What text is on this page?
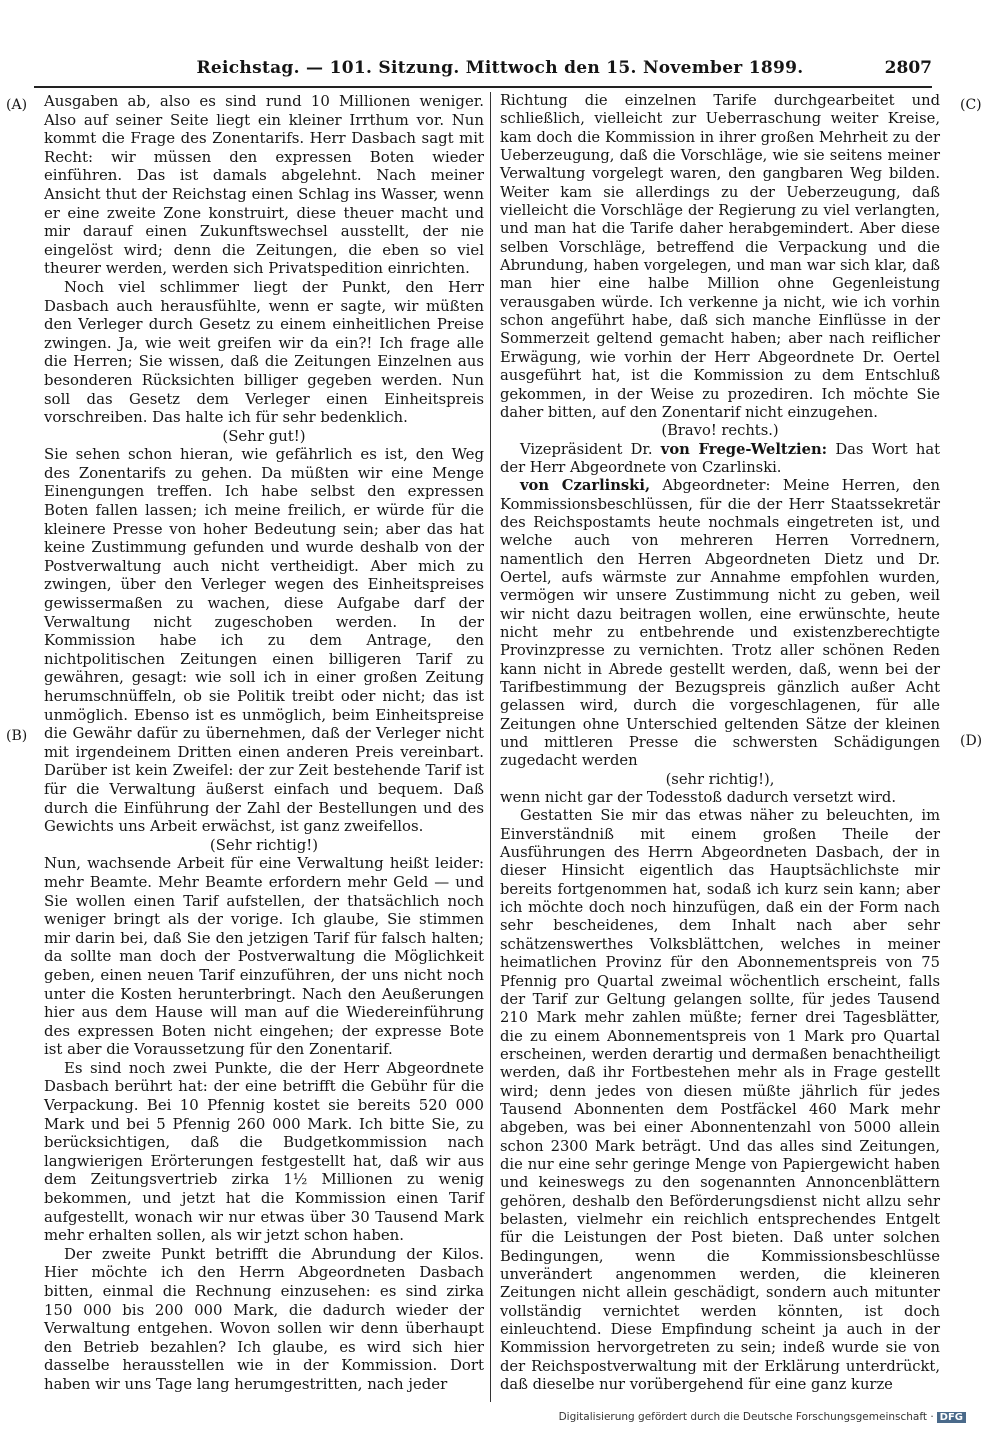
Reichstag. — 101. Sitzung. Mittwoch den 15. November 1899.	2807
(A)
(B)
(C)
(D)

Ausgaben ab, also es sind rund 10 Millionen weniger. Also auf seiner Seite liegt ein kleiner Irrthum vor. Nun kommt die Frage des Zonentarifs. Herr Dasbach sagt mit Recht: wir müssen den expressen Boten wieder einführen. Das ist damals abgelehnt. Nach meiner Ansicht thut der Reichstag einen Schlag ins Wasser, wenn er eine zweite Zone konstruirt, diese theuer macht und mir darauf einen Zukunftswechsel ausstellt, der nie eingelöst wird; denn die Zeitungen, die eben so viel theurer werden, werden sich Privatspedition einrichten.

Noch viel schlimmer liegt der Punkt, den Herr Dasbach auch herausfühlte, wenn er sagte, wir müßten den Verleger durch Gesetz zu einem einheitlichen Preise zwingen. Ja, wie weit greifen wir da ein?! Ich frage alle die Herren; Sie wissen, daß die Zeitungen Einzelnen aus besonderen Rücksichten billiger gegeben werden. Nun soll das Gesetz dem Verleger einen Einheitspreis vorschreiben. Das halte ich für sehr bedenklich.

(Sehr gut!)

Sie sehen schon hieran, wie gefährlich es ist, den Weg des Zonentarifs zu gehen. Da müßten wir eine Menge Einengungen treffen. Ich habe selbst den expressen Boten fallen lassen; ich meine freilich, er würde für die kleinere Presse von hoher Bedeutung sein; aber das hat keine Zustimmung gefunden und wurde deshalb von der Postverwaltung auch nicht vertheidigt. Aber mich zu zwingen, über den Verleger wegen des Einheitspreises gewissermaßen zu wachen, diese Aufgabe darf der Verwaltung nicht zugeschoben werden. In der Kommission habe ich zu dem Antrage, den nichtpolitischen Zeitungen einen billigeren Tarif zu gewähren, gesagt: wie soll ich in einer großen Zeitung herumschnüffeln, ob sie Politik treibt oder nicht; das ist unmöglich. Ebenso ist es unmöglich, beim Einheitspreise die Gewähr dafür zu übernehmen, daß der Verleger nicht mit irgendeinem Dritten einen anderen Preis vereinbart. Darüber ist kein Zweifel: der zur Zeit bestehende Tarif ist für die Verwaltung äußerst einfach und bequem. Daß durch die Einführung der Zahl der Bestellungen und des Gewichts uns Arbeit erwächst, ist ganz zweifellos.

(Sehr richtig!)

Nun, wachsende Arbeit für eine Verwaltung heißt leider: mehr Beamte. Mehr Beamte erfordern mehr Geld — und Sie wollen einen Tarif aufstellen, der thatsächlich noch weniger bringt als der vorige. Ich glaube, Sie stimmen mir darin bei, daß Sie den jetzigen Tarif für falsch halten; da sollte man doch der Postverwaltung die Möglichkeit geben, einen neuen Tarif einzuführen, der uns nicht noch unter die Kosten herunterbringt. Nach den Aeußerungen hier aus dem Hause will man auf die Wiedereinführung des expressen Boten nicht eingehen; der expresse Bote ist aber die Voraussetzung für den Zonentarif.

Es sind noch zwei Punkte, die der Herr Abgeordnete Dasbach berührt hat: der eine betrifft die Gebühr für die Verpackung. Bei 10 Pfennig kostet sie bereits 520 000 Mark und bei 5 Pfennig 260 000 Mark. Ich bitte Sie, zu berücksichtigen, daß die Budgetkommission nach langwierigen Erörterungen festgestellt hat, daß wir aus dem Zeitungsvertrieb zirka 1½ Millionen zu wenig bekommen, und jetzt hat die Kommission einen Tarif aufgestellt, wonach wir nur etwas über 30 Tausend Mark mehr erhalten sollen, als wir jetzt schon haben.

Der zweite Punkt betrifft die Abrundung der Kilos. Hier möchte ich den Herrn Abgeordneten Dasbach bitten, einmal die Rechnung einzusehen: es sind zirka 150 000 bis 200 000 Mark, die dadurch wieder der Verwaltung entgehen. Wovon sollen wir denn überhaupt den Betrieb bezahlen? Ich glaube, es wird sich hier dasselbe herausstellen wie in der Kommission. Dort haben wir uns Tage lang herumgestritten, nach jeder

Richtung die einzelnen Tarife durchgearbeitet und schließlich, vielleicht zur Ueberraschung weiter Kreise, kam doch die Kommission in ihrer großen Mehrheit zu der Ueberzeugung, daß die Vorschläge, wie sie seitens meiner Verwaltung vorgelegt waren, den gangbaren Weg bilden. Weiter kam sie allerdings zu der Ueberzeugung, daß vielleicht die Vorschläge der Regierung zu viel verlangten, und man hat die Tarife daher herabgemindert. Aber diese selben Vorschläge, betreffend die Verpackung und die Abrundung, haben vorgelegen, und man war sich klar, daß man hier eine halbe Million ohne Gegenleistung verausgaben würde. Ich verkenne ja nicht, wie ich vorhin schon angeführt habe, daß sich manche Einflüsse in der Sommerzeit geltend gemacht haben; aber nach reiflicher Erwägung, wie vorhin der Herr Abgeordnete Dr. Oertel ausgeführt hat, ist die Kommission zu dem Entschluß gekommen, in der Weise zu prozediren. Ich möchte Sie daher bitten, auf den Zonentarif nicht einzugehen.

(Bravo! rechts.)

Vizepräsident Dr. von Frege-Weltzien: Das Wort hat der Herr Abgeordnete von Czarlinski.

von Czarlinski, Abgeordneter: Meine Herren, den Kommissionsbeschlüssen, für die der Herr Staatssekretär des Reichspostamts heute nochmals eingetreten ist, und welche auch von mehreren Herren Vorrednern, namentlich den Herren Abgeordneten Dietz und Dr. Oertel, aufs wärmste zur Annahme empfohlen wurden, vermögen wir unsere Zustimmung nicht zu geben, weil wir nicht dazu beitragen wollen, eine erwünschte, heute nicht mehr zu entbehrende und existenzberechtigte Provinzpresse zu vernichten. Trotz aller schönen Reden kann nicht in Abrede gestellt werden, daß, wenn bei der Tarifbestimmung der Bezugspreis gänzlich außer Acht gelassen wird, durch die vorgeschlagenen, für alle Zeitungen ohne Unterschied geltenden Sätze der kleinen und mittleren Presse die schwersten Schädigungen zugedacht werden

(sehr richtig!),

wenn nicht gar der Todesstoß dadurch versetzt wird.

Gestatten Sie mir das etwas näher zu beleuchten, im Einverständniß mit einem großen Theile der Ausführungen des Herrn Abgeordneten Dasbach, der in dieser Hinsicht eigentlich das Hauptsächlichste mir bereits fortgenommen hat, sodaß ich kurz sein kann; aber ich möchte doch noch hinzufügen, daß ein der Form nach sehr bescheidenes, dem Inhalt nach aber sehr schätzenswerthes Volksblättchen, welches in meiner heimatlichen Provinz für den Abonnementspreis von 75 Pfennig pro Quartal zweimal wöchentlich erscheint, falls der Tarif zur Geltung gelangen sollte, für jedes Tausend 210 Mark mehr zahlen müßte; ferner drei Tagesblätter, die zu einem Abonnementspreis von 1 Mark pro Quartal erscheinen, werden derartig und dermaßen benachtheiligt werden, daß ihr Fortbestehen mehr als in Frage gestellt wird; denn jedes von diesen müßte jährlich für jedes Tausend Abonnenten dem Postfäckel 460 Mark mehr abgeben, was bei einer Abonnentenzahl von 5000 allein schon 2300 Mark beträgt. Und das alles sind Zeitungen, die nur eine sehr geringe Menge von Papiergewicht haben und keineswegs zu den sogenannten Annoncenblättern gehören, deshalb den Beförderungsdienst nicht allzu sehr belasten, vielmehr ein reichlich entsprechendes Entgelt für die Leistungen der Post bieten. Daß unter solchen Bedingungen, wenn die Kommissionsbeschlüsse unverändert angenommen werden, die kleineren Zeitungen nicht allein geschädigt, sondern auch mitunter vollständig vernichtet werden könnten, ist doch einleuchtend. Diese Empfindung scheint ja auch in der Kommission hervorgetreten zu sein; indeß wurde sie von der Reichspostverwaltung mit der Erklärung unterdrückt, daß dieselbe nur vorübergehend für eine ganz kurze

Digitalisierung gefördert durch die Deutsche Forschungsgemeinschaft · DFG
